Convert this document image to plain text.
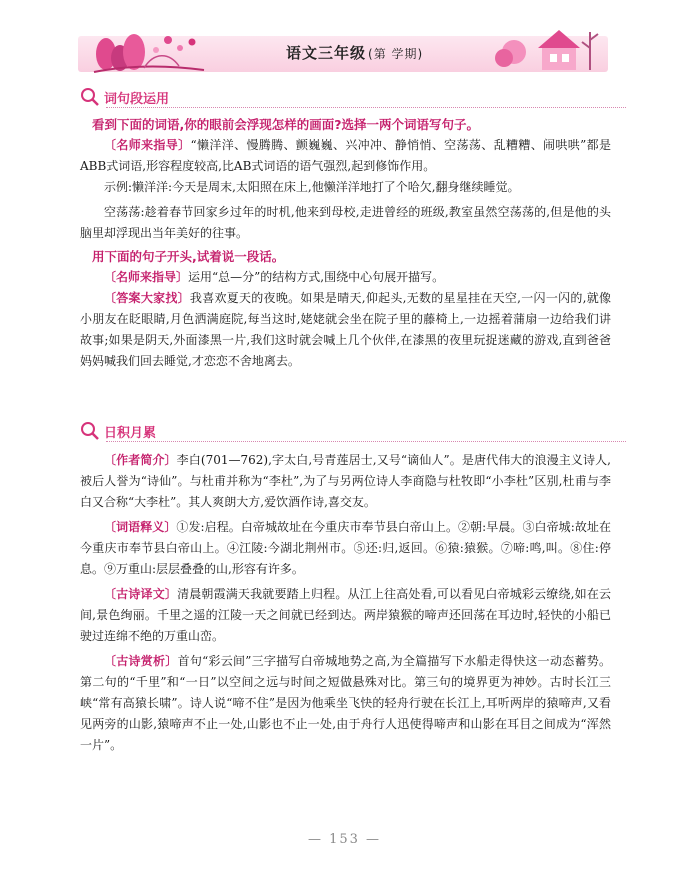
语文三年级 (第 学期)
词句段运用
看到下面的词语,你的眼前会浮现怎样的画面?选择一两个词语写句子。
〔名师来指导〕“懒洋洋、慢腾腾、颤巍巍、兴冲冲、静悄悄、空荡荡、乱糟糟、闹哄哄”都是ABB式词语,形容程度较高,比AB式词语的语气强烈,起到修饰作用。
示例:懒洋洋:今天是周末,太阳照在床上,他懒洋洋地打了个哈欠,翻身继续睡觉。
空荡荡:趁着春节回家乡过年的时机,他来到母校,走进曾经的班级,教室虽然空荡荡的,但是他的头脑里却浮现出当年美好的往事。
用下面的句子开头,试着说一段话。
〔名师来指导〕运用“总—分”的结构方式,围绕中心句展开描写。
〔答案大家找〕我喜欢夏天的夜晚。如果是晴天,仰起头,无数的星星挂在天空,一闪一闪的,就像小朋友在眨眼睛,月色洒满庭院,每当这时,姥姥就会坐在院子里的藤椅上,一边摇着蒲扇一边给我们讲故事;如果是阴天,外面漆黑一片,我们这时就会喊上几个伙伴,在漆黑的夜里玩捉迷藏的游戏,直到爸爸妈妈喊我们回去睡觉,才恋恋不舍地离去。
日积月累
〔作者简介〕李白(701—762),字太白,号青莲居士,又号“谪仙人”。是唐代伟大的浪漫主义诗人,被后人誉为“诗仙”。与杜甫并称为“李杜”,为了与另两位诗人李商隐与杜牧即“小李杜”区别,杜甫与李白又合称“大李杜”。其人爽朗大方,爱饮酒作诗,喜交友。
〔词语释义〕①发:启程。白帝城故址在今重庆市奉节县白帝山上。②朝:早晨。③白帝城:故址在今重庆市奉节县白帝山上。④江陵:今湖北荆州市。⑤还:归,返回。⑥猿:猿猴。⑦啼:鸣,叫。⑧住:停息。⑨万重山:层层叠叠的山,形容有许多。
〔古诗译文〕清晨朝霞满天我就要踏上归程。从江上往高处看,可以看见白帝城彩云缭绕,如在云间,景色绚丽。千里之遥的江陵一天之间就已经到达。两岸猿猴的啼声还回荡在耳边时,轻快的小船已驶过连绵不绝的万重山峦。
〔古诗赏析〕首句“彩云间”三字描写白帝城地势之高,为全篇描写下水船走得快这一动态蓄势。第二句的“千里”和“一日”以空间之远与时间之短做悬殊对比。第三句的境界更为神妙。古时长江三峡“常有高猿长啸”。诗人说“啼不住”是因为他乘坐飞快的轻舟行驶在长江上,耳听两岸的猿啼声,又看见两旁的山影,猿啼声不止一处,山影也不止一处,由于舟行人迅使得啼声和山影在耳目之间成为“浑然一片”。
— 153 —
